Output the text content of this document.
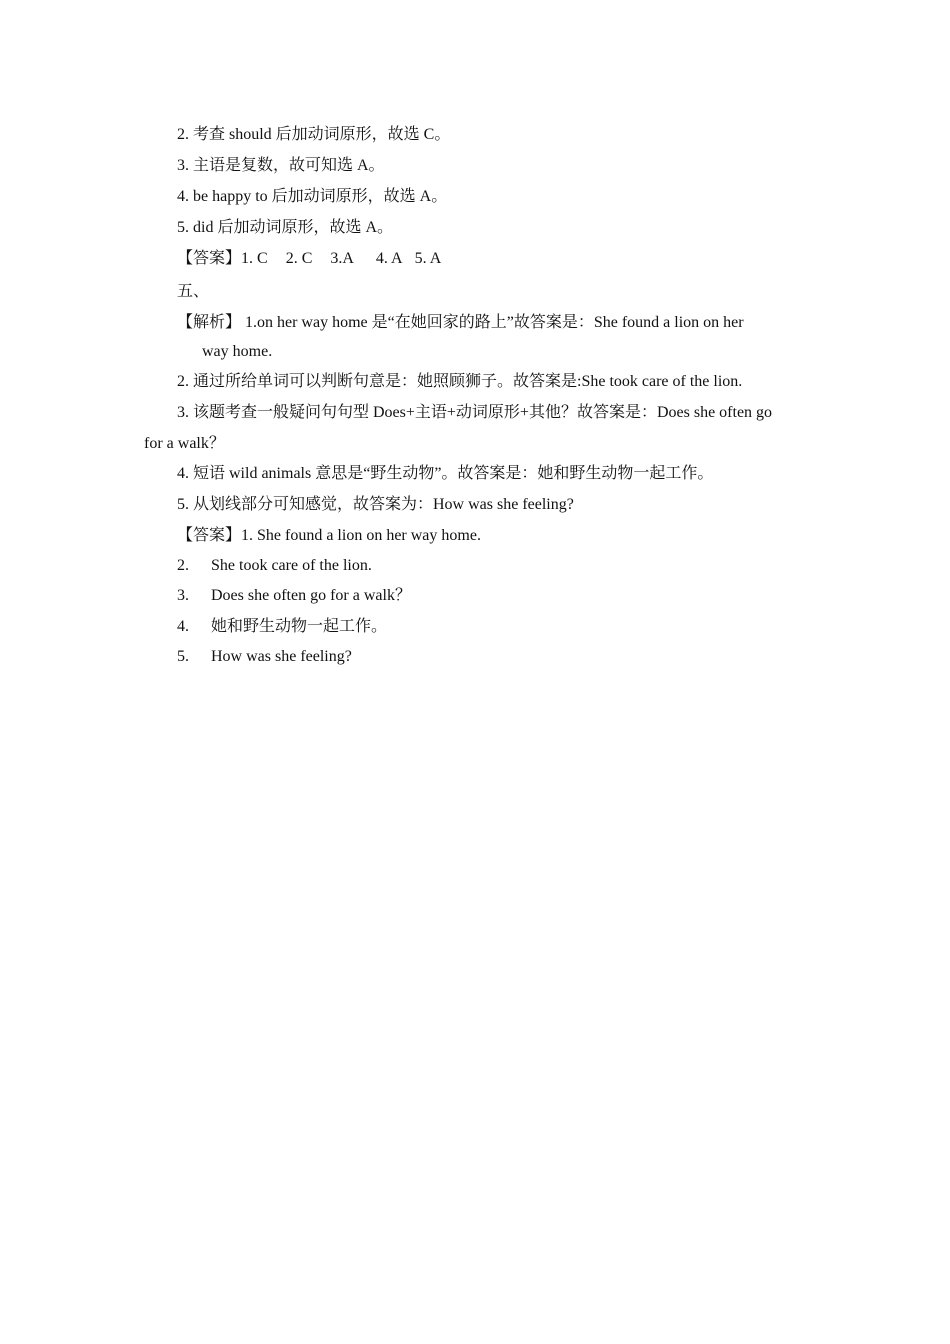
2. 考查 should 后加动词原形，故选 C。
3. 主语是复数，故可知选 A。
4. be happy to 后加动词原形，故选 A。
5. did 后加动词原形，故选 A。
【答案】1. C 2. C 3.A 4. A 5. A
五、
【解析】 1.on her way home 是“在她回家的路上”故答案是：She found a lion on her
way home.
2. 通过所给单词可以判断句意是：她照顾狮子。故答案是:She took care of the lion.
3. 该题考查一般疑问句句型 Does+主语+动词原形+其他？故答案是：Does she often go
for a walk？
4. 短语 wild animals 意思是“野生动物”。故答案是：她和野生动物一起工作。
5. 从划线部分可知感觉，故答案为：How was she feeling?
【答案】1. She found a lion on her way home.
2. She took care of the lion.
3. Does she often go for a walk？
4. 她和野生动物一起工作。
5. How was she feeling?
